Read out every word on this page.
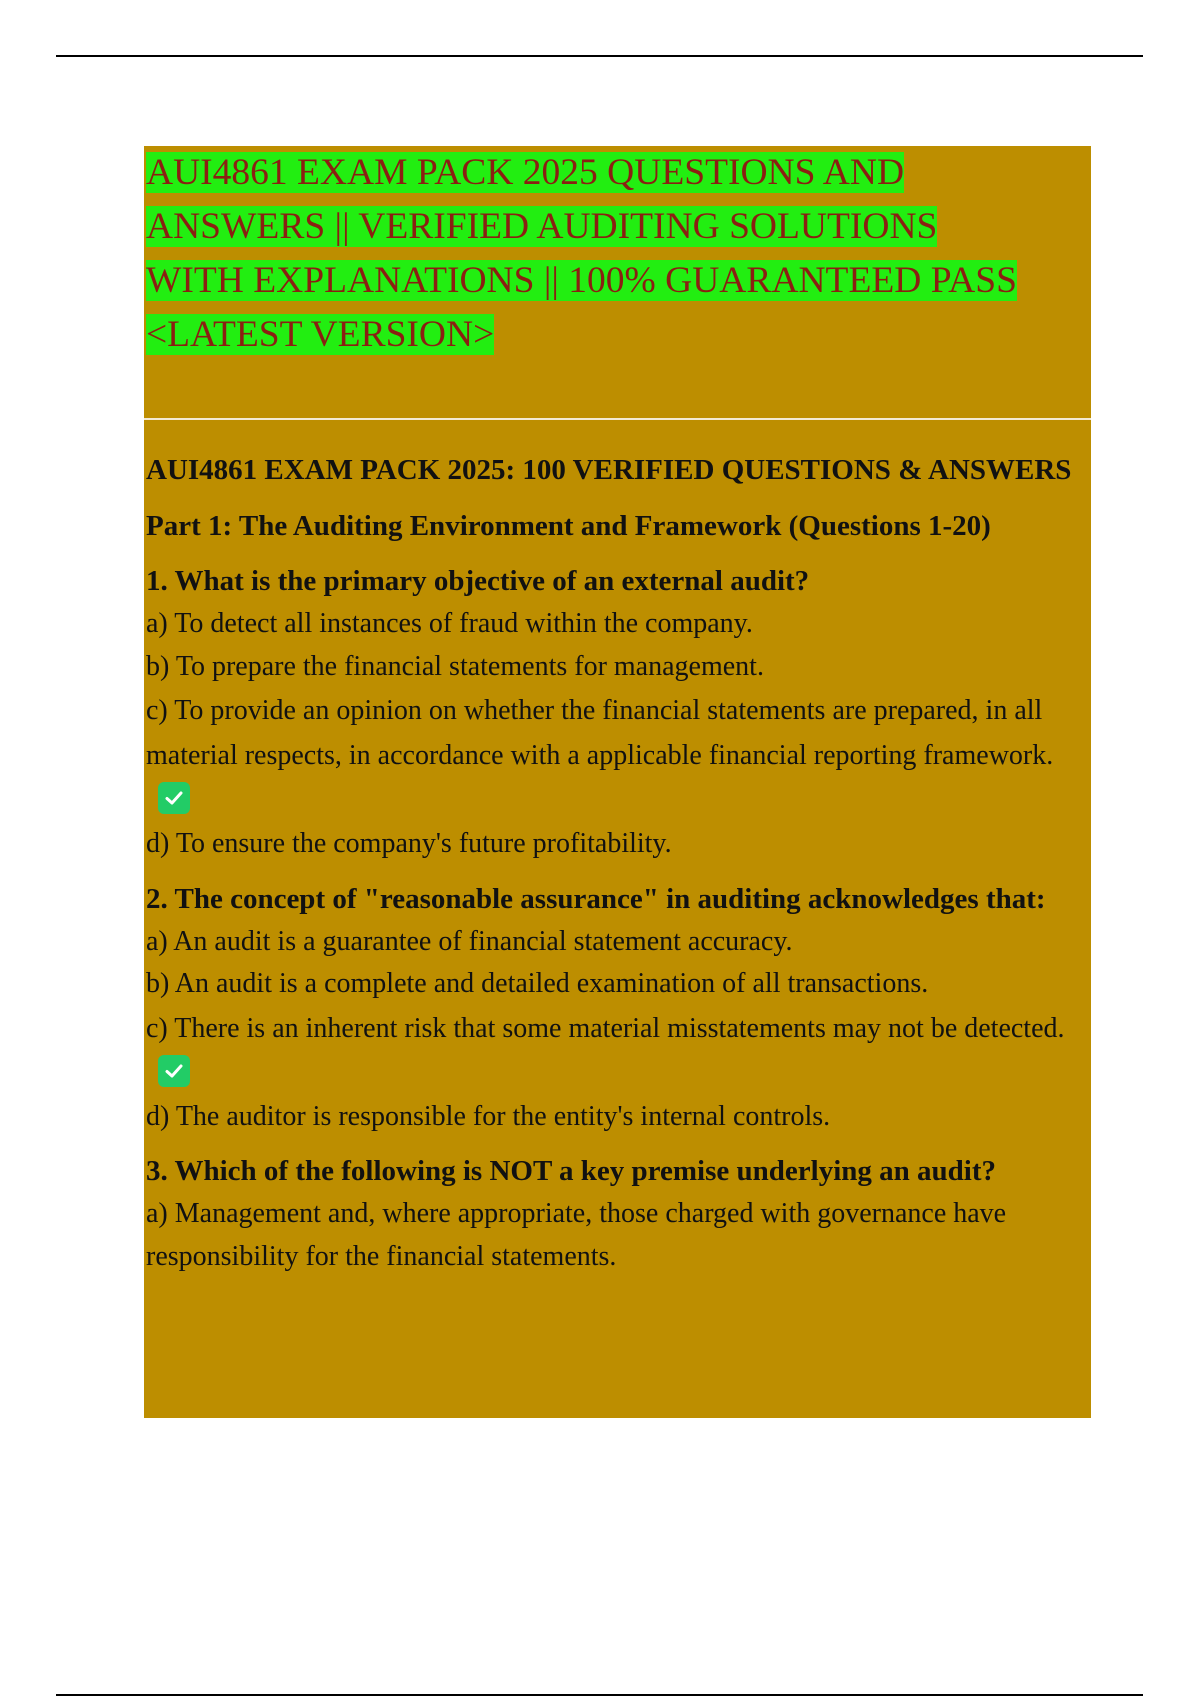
AUI4861 EXAM PACK 2025 QUESTIONS AND
ANSWERS || VERIFIED AUDITING SOLUTIONS
WITH EXPLANATIONS || 100% GUARANTEED PASS
<LATEST VERSION>

AUI4861 EXAM PACK 2025: 100 VERIFIED QUESTIONS & ANSWERS

Part 1: The Auditing Environment and Framework (Questions 1-20)

1. What is the primary objective of an external audit?

a) To detect all instances of fraud within the company.

b) To prepare the financial statements for management.

c) To provide an opinion on whether the financial statements are prepared, in all material respects, in accordance with a applicable financial reporting framework.

d) To ensure the company's future profitability.

2. The concept of "reasonable assurance" in auditing acknowledges that:

a) An audit is a guarantee of financial statement accuracy.

b) An audit is a complete and detailed examination of all transactions.

c) There is an inherent risk that some material misstatements may not be detected.

d) The auditor is responsible for the entity's internal controls.

3. Which of the following is NOT a key premise underlying an audit?

a) Management and, where appropriate, those charged with governance have responsibility for the financial statements.
